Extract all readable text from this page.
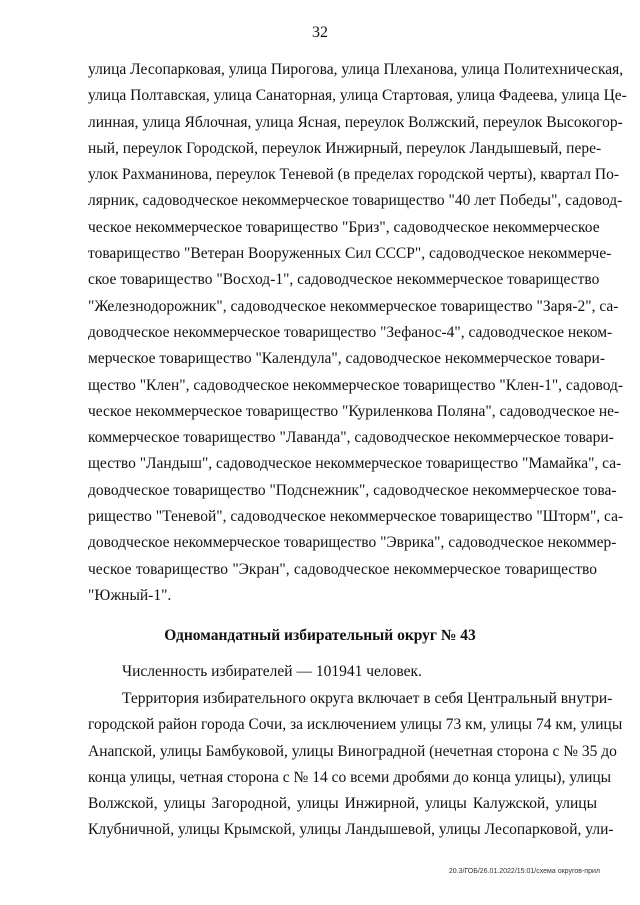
32
улица Лесопарковая, улица Пирогова, улица Плеханова, улица Политехническая,
улица Полтавская, улица Санаторная, улица Стартовая, улица Фадеева, улица Це-
линная, улица Яблочная, улица Ясная, переулок Волжский, переулок Высокогор-
ный, переулок Городской, переулок Инжирный, переулок Ландышевый, пере-
улок Рахманинова, переулок Теневой (в пределах городской черты), квартал По-
лярник, садоводческое некоммерческое товарищество "40 лет Победы", садовод-
ческое некоммерческое товарищество "Бриз", садоводческое некоммерческое
товарищество "Ветеран Вооруженных Сил СССР", садоводческое некоммерче-
ское товарищество "Восход-1", садоводческое некоммерческое товарищество
"Железнодорожник", садоводческое некоммерческое товарищество "Заря-2", са-
доводческое некоммерческое товарищество "Зефанос-4", садоводческое неком-
мерческое товарищество "Календула", садоводческое некоммерческое товари-
щество "Клен", садоводческое некоммерческое товарищество "Клен-1", садовод-
ческое некоммерческое товарищество "Куриленкова Поляна", садоводческое не-
коммерческое товарищество "Лаванда", садоводческое некоммерческое товари-
щество "Ландыш", садоводческое некоммерческое товарищество "Мамайка", са-
доводческое товарищество "Подснежник", садоводческое некоммерческое това-
рищество "Теневой", садоводческое некоммерческое товарищество "Шторм", са-
доводческое некоммерческое товарищество "Эврика", садоводческое некоммер-
ческое товарищество "Экран", садоводческое некоммерческое товарищество
"Южный-1".
Одномандатный избирательный округ № 43
Численность избирателей — 101941 человек.
Территория избирательного округа включает в себя Центральный внутри-
городской район города Сочи, за исключением улицы 73 км, улицы 74 км, улицы
Анапской, улицы Бамбуковой, улицы Виноградной (нечетная сторона с № 35 до
конца улицы, четная сторона с № 14 со всеми дробями до конца улицы), улицы
Волжской, улицы Загородной, улицы Инжирной, улицы Калужской, улицы
Клубничной, улицы Крымской, улицы Ландышевой, улицы Лесопарковой, ули-
20.3/ГОБ/26.01.2022/15:01/схема округов-прил
